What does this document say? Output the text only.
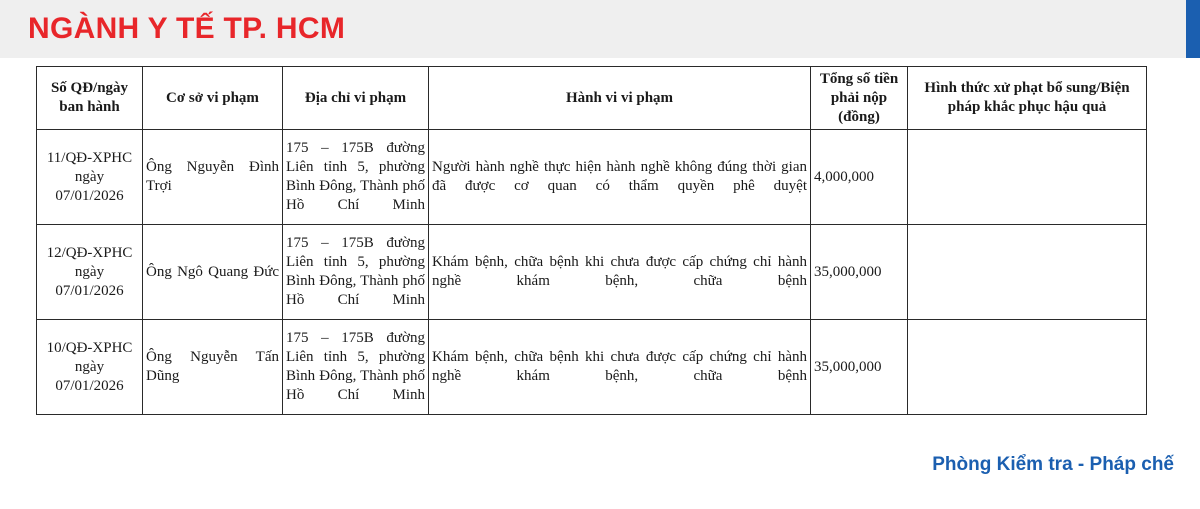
NGÀNH Y TẾ TP. HCM
Số QĐ/ngày ban hành	Cơ sở vi phạm	Địa chỉ vi phạm	Hành vi vi phạm	Tổng số tiền phải nộp (đồng)	Hình thức xử phạt bổ sung/Biện pháp khắc phục hậu quả
11/QĐ-XPHC ngày 07/01/2026	Ông Nguyễn Đình Trợi	175 – 175B đường Liên tỉnh 5, phường Bình Đông, Thành phố Hồ Chí Minh	Người hành nghề thực hiện hành nghề không đúng thời gian đã được cơ quan có thẩm quyền phê duyệt	4,000,000	
12/QĐ-XPHC ngày 07/01/2026	Ông Ngô Quang Đức	175 – 175B đường Liên tỉnh 5, phường Bình Đông, Thành phố Hồ Chí Minh	Khám bệnh, chữa bệnh khi chưa được cấp chứng chỉ hành nghề khám bệnh, chữa bệnh	35,000,000	
10/QĐ-XPHC ngày 07/01/2026	Ông Nguyễn Tấn Dũng	175 – 175B đường Liên tỉnh 5, phường Bình Đông, Thành phố Hồ Chí Minh	Khám bệnh, chữa bệnh khi chưa được cấp chứng chỉ hành nghề khám bệnh, chữa bệnh	35,000,000	
Phòng Kiểm tra - Pháp chế
